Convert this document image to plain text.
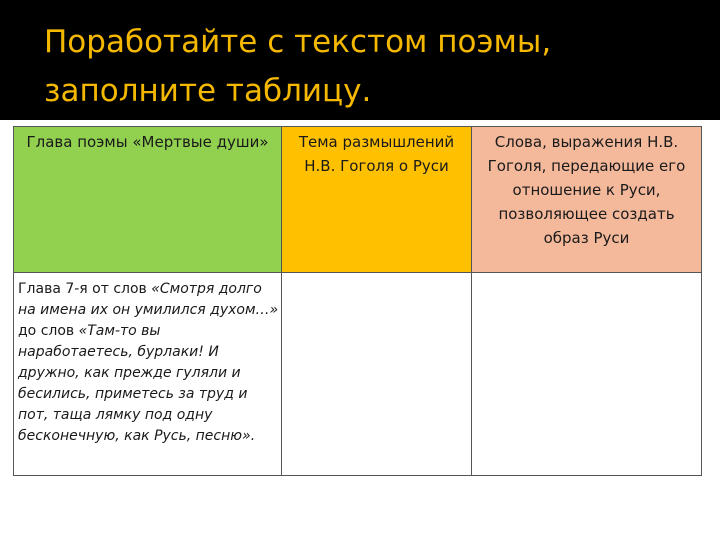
Поработайте с текстом поэмы,
заполните таблицу.
Глава поэмы «Мертвые души»	Тема размышлений Н.В. Гоголя о Руси	Слова, выражения Н.В. Гоголя, передающие его отношение к Руси, позволяющее создать образ Руси
Глава 7-я от слов «Смотря долго на имена их он умилился духом…» до слов «Там-то вы наработаетесь, бурлаки! И дружно, как прежде гуляли и бесились, приметесь за труд и пот, таща лямку под одну бесконечную, как Русь, песню».		
